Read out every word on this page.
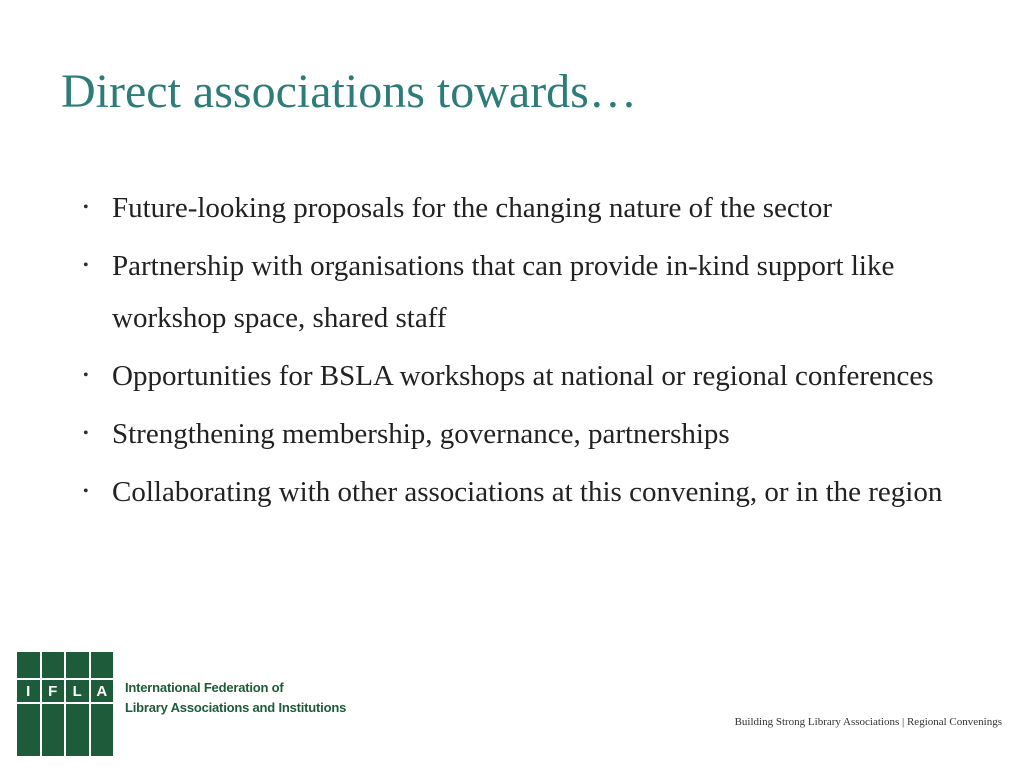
Direct associations towards…
• Future-looking proposals for the changing nature of the sector
• Partnership with organisations that can provide in-kind support like workshop space, shared staff
• Opportunities for BSLA workshops at national or regional conferences
• Strengthening membership, governance, partnerships
• Collaborating with other associations at this convening, or in the region
I	F	L A	International Federation of
Library Associations and Institutions
Building Strong Library Associations | Regional Convenings
